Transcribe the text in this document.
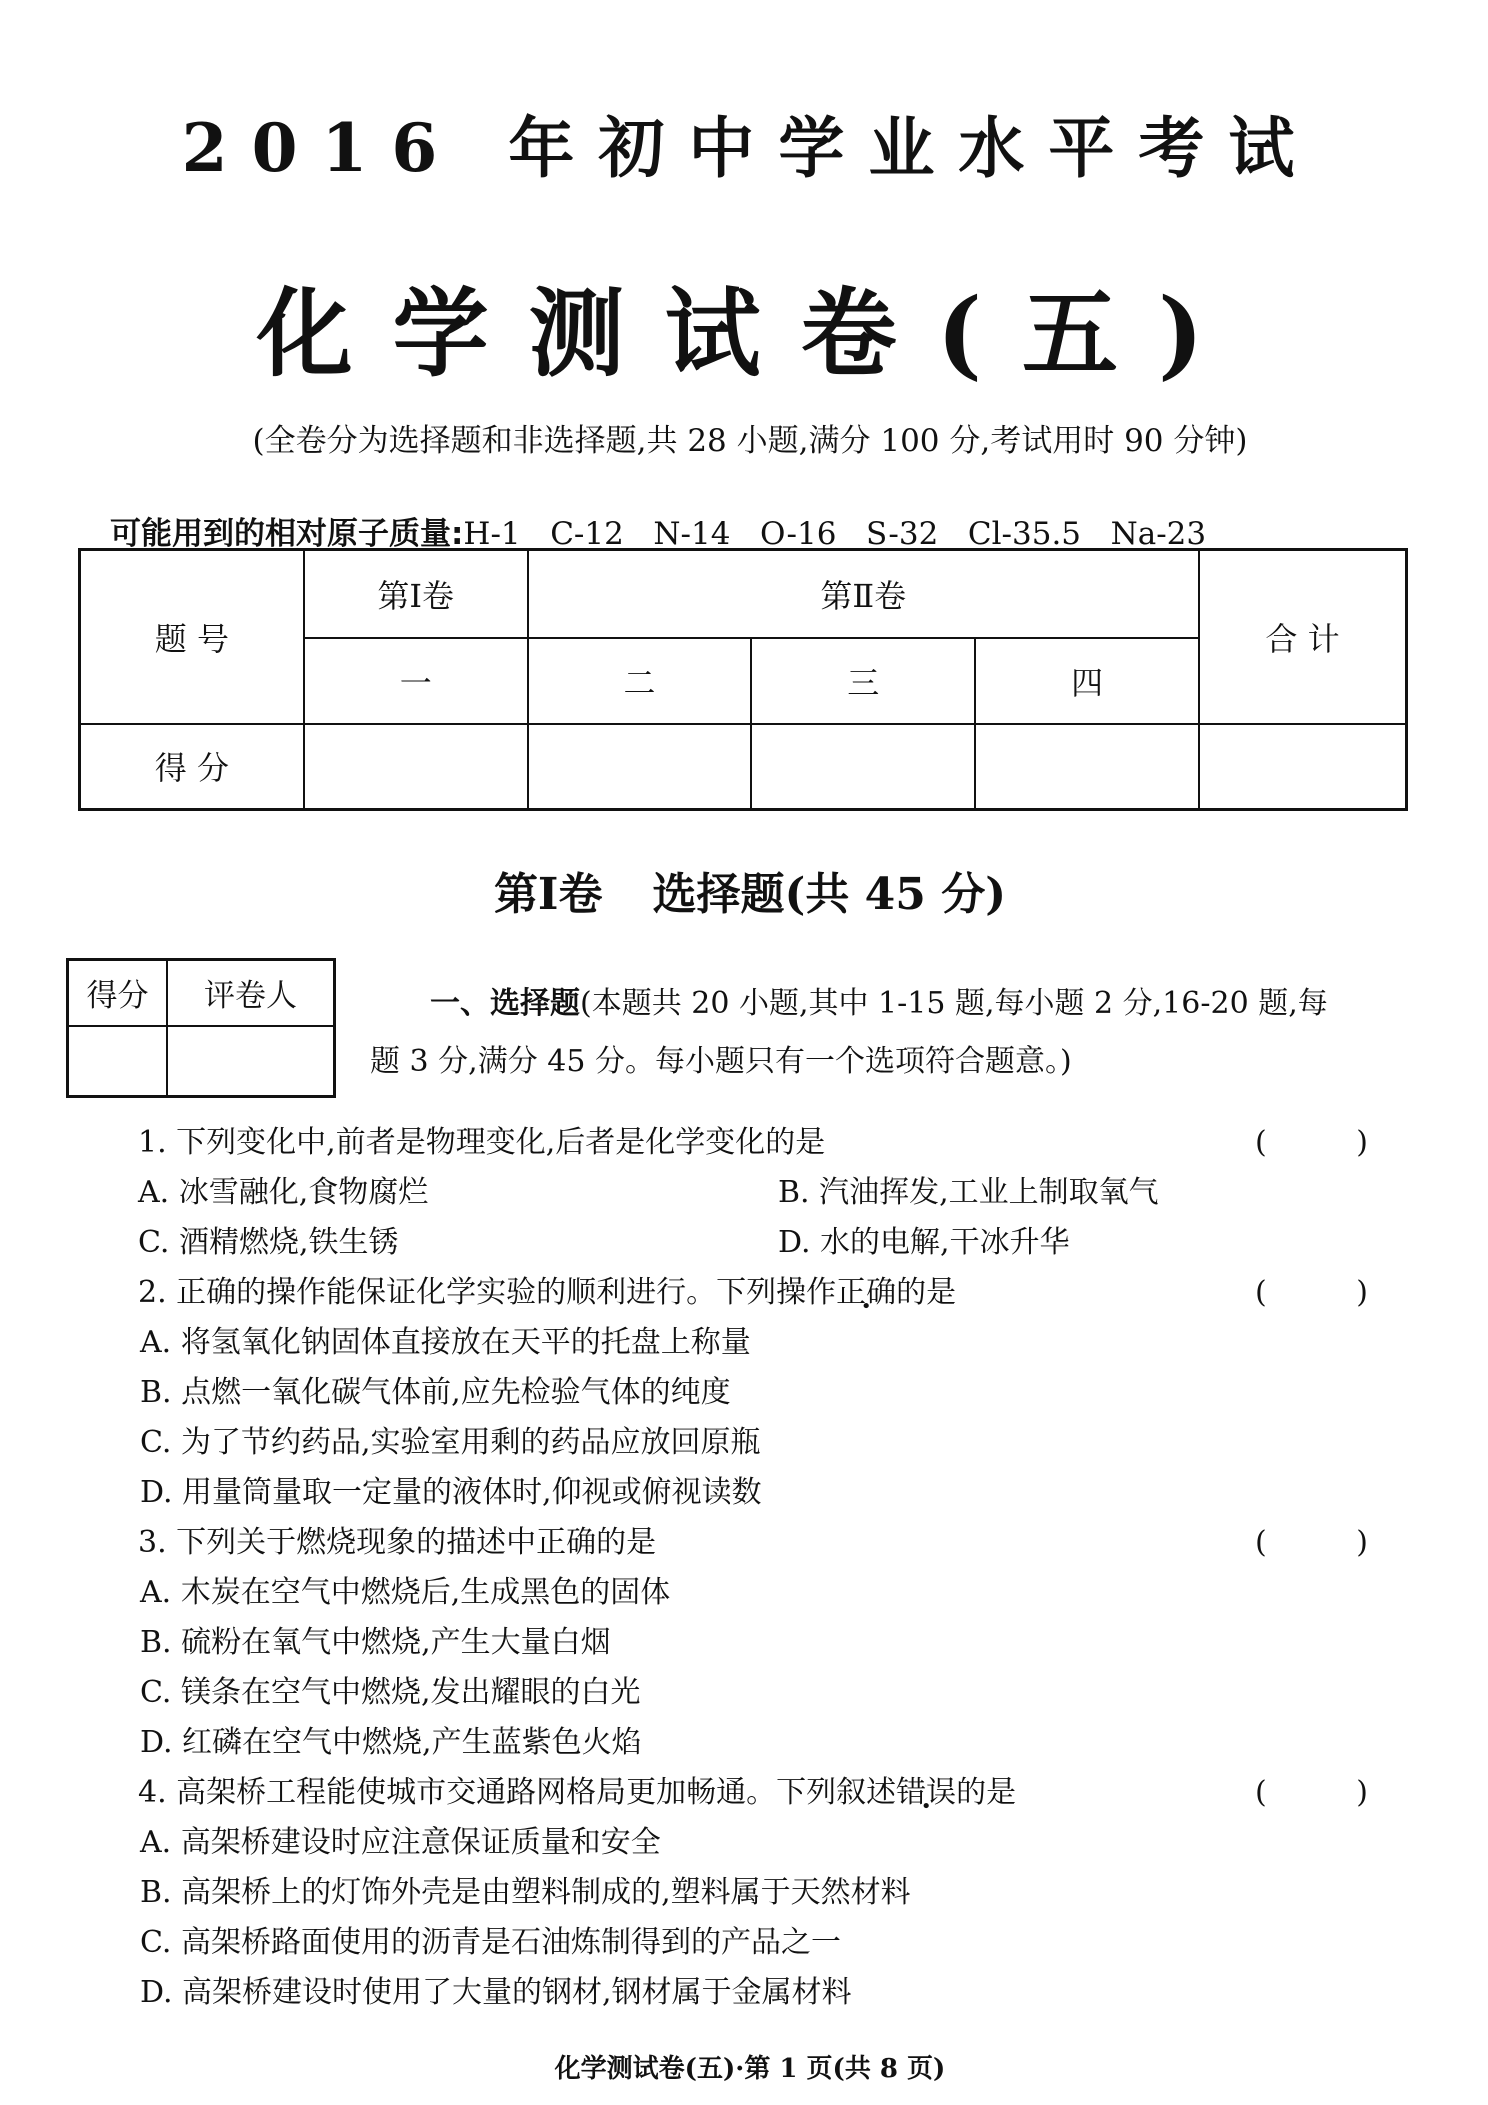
2016 年初中学业水平考试
化学测试卷(五)
(全卷分为选择题和非选择题,共 28 小题,满分 100 分,考试用时 90 分钟)
可能用到的相对原子质量:H-1   C-12   N-14   O-16   S-32   Cl-35.5   Na-23
题 号	第Ⅰ卷	第Ⅱ卷			合 计
	一	二	三	四	
得 分					
第Ⅰ卷 选择题(共 45 分)
得分	评卷人
		一、选择题(本题共 20 小题,其中 1-15 题,每小题 2 分,16-20 题,每
题 3 分,满分 45 分。每小题只有一个选项符合题意。)
1. 下列变化中,前者是物理变化,后者是化学变化的是	( )
A. 冰雪融化,食物腐烂	B. 汽油挥发,工业上制取氧气
C. 酒精燃烧,铁生锈	D. 水的电解,干冰升华
2. 正确的操作能保证化学实验的顺利进行。下列操作正确的是	( )
A. 将氢氧化钠固体直接放在天平的托盘上称量
B. 点燃一氧化碳气体前,应先检验气体的纯度
C. 为了节约药品,实验室用剩的药品应放回原瓶
D. 用量筒量取一定量的液体时,仰视或俯视读数
3. 下列关于燃烧现象的描述中正确的是	( )
A. 木炭在空气中燃烧后,生成黑色的固体
B. 硫粉在氧气中燃烧,产生大量白烟
C. 镁条在空气中燃烧,发出耀眼的白光
D. 红磷在空气中燃烧,产生蓝紫色火焰
4. 高架桥工程能使城市交通路网格局更加畅通。下列叙述错误的是	( )
A. 高架桥建设时应注意保证质量和安全
B. 高架桥上的灯饰外壳是由塑料制成的,塑料属于天然材料
C. 高架桥路面使用的沥青是石油炼制得到的产品之一
D. 高架桥建设时使用了大量的钢材,钢材属于金属材料
化学测试卷(五)·第 1 页(共 8 页)
